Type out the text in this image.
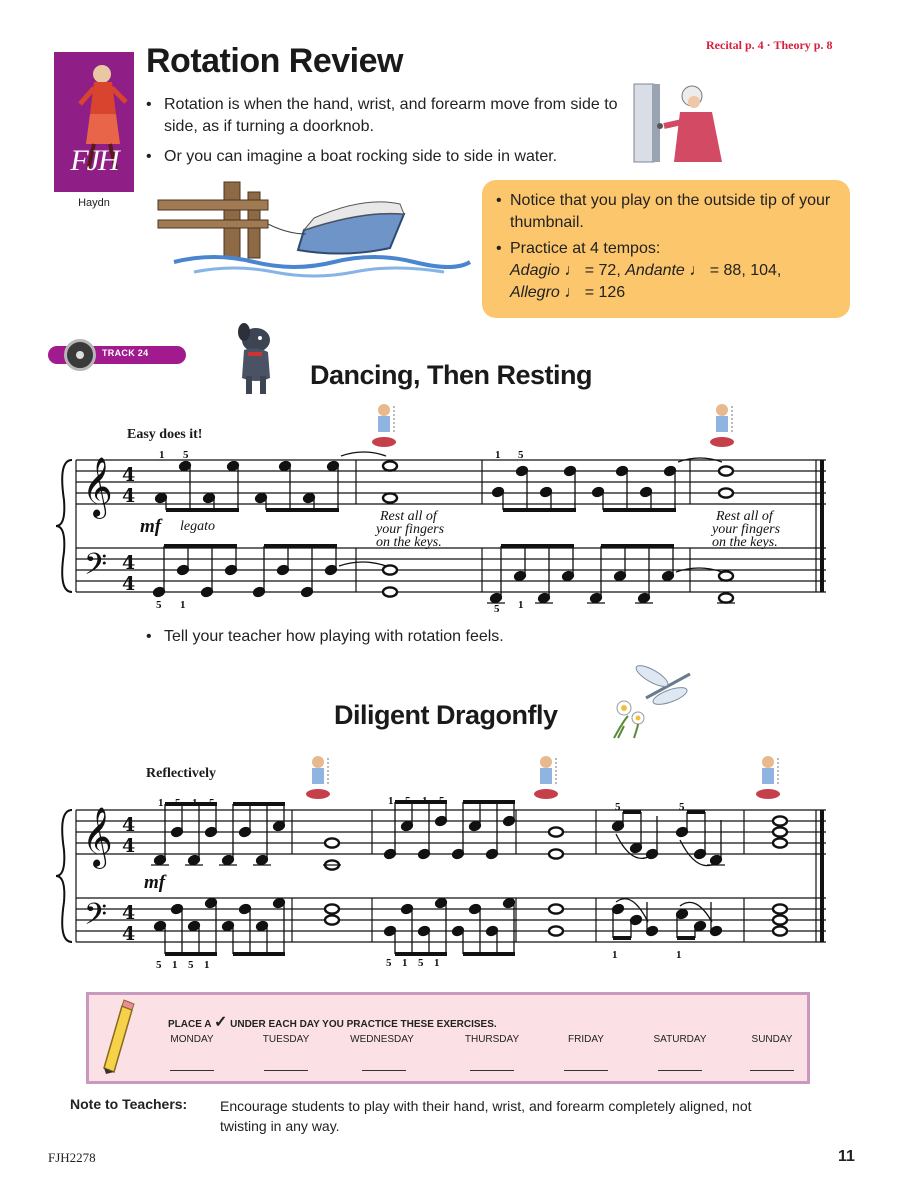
FJH
Haydn
Rotation Review	Recital p. 4 · Theory p. 8
• Rotation is when the hand, wrist, and forearm move from side to side, as if turning a doorknob.
• Or you can imagine a boat rocking side to side in water.
• Notice that you play on the outside tip of your thumbnail.
• Practice at 4 tempos:
Adagio ♩ = 72, Andante ♩ = 88, 104,
Allegro ♩ = 126
TRACK 24
Dancing, Then Resting
Easy does it!
𝄞
𝄢
4
4
4
4
1 5	1 5
5 1	5 1
mf legato
Rest all of
your fingers
on the keys.
Rest all of
your fingers
on the keys.
• Tell your teacher how playing with rotation feels.
Diligent Dragonfly
Reflectively
𝄞
𝄢
4
4
4
4
1 5 1 5	1 5 1 5	5	5
5 1 5 1	5 1 5 1
1	1
mf
PLACE A ✓ UNDER EACH DAY YOU PRACTICE THESE EXERCISES.
MONDAY	TUESDAY	WEDNESDAY	THURSDAY	FRIDAY	SATURDAY	SUNDAY
Note to Teachers: Encourage students to play with their hand, wrist, and forearm completely aligned, not twisting in any way.
FJH2278	11
